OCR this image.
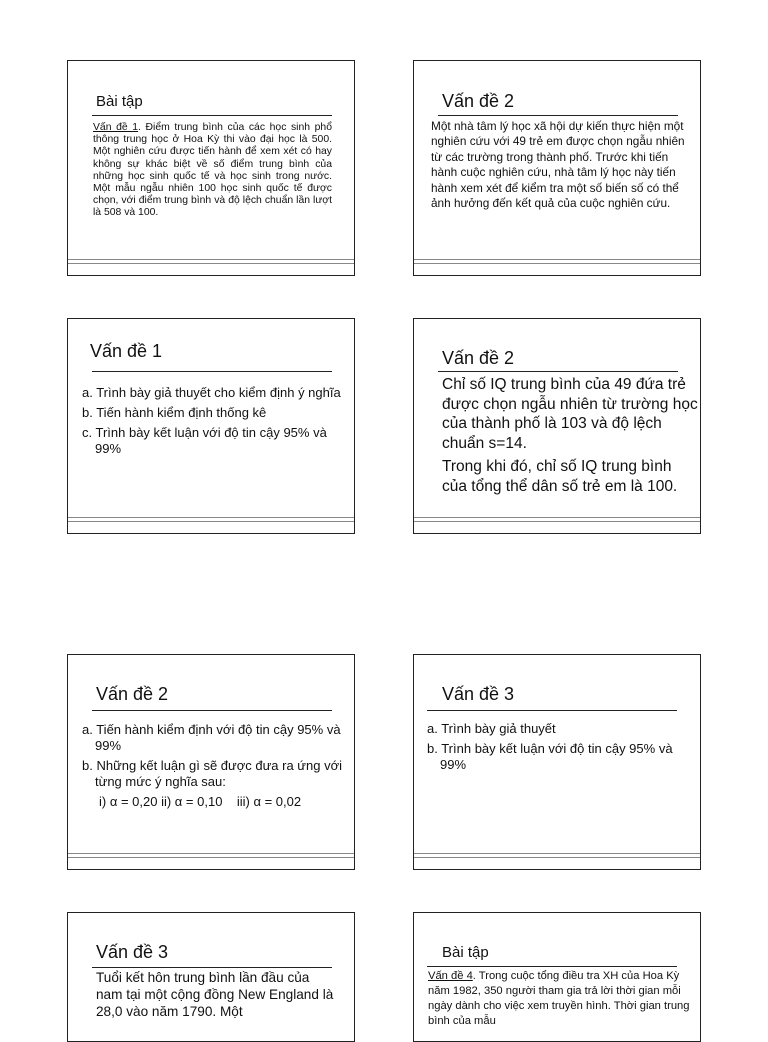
Bài tập
Vấn đề 1. Điểm trung bình của các học sinh phổ thông trung học ở Hoa Kỳ thi vào đại học là 500. Một nghiên cứu được tiến hành để xem xét có hay không sự khác biệt về số điểm trung bình của những học sinh quốc tế và học sinh trong nước. Một mẫu ngẫu nhiên 100 học sinh quốc tế được chọn, với điểm trung bình và độ lệch chuẩn lần lượt là 508 và 100.
Vấn đề 2
Một nhà tâm lý học xã hội dự kiến thực hiện một nghiên cứu với 49 trẻ em được chọn ngẫu nhiên từ các trường trong thành phố. Trước khi tiến hành cuộc nghiên cứu, nhà tâm lý học này tiến hành xem xét để kiểm tra một số biến số có thể ảnh hưởng đến kết quả của cuộc nghiên cứu.
Vấn đề 1

a. Trình bày giả thuyết cho kiểm định ý nghĩa

b. Tiến hành kiểm định thống kê

c. Trình bày kết luận với độ tin cậy 95% và 99%

Vấn đề 2

Chỉ số IQ trung bình của 49 đứa trẻ được chọn ngẫu nhiên từ trường học của thành phố là 103 và độ lệch chuẩn s=14.

Trong khi đó, chỉ số IQ trung bình của tổng thể dân số trẻ em là 100.

Vấn đề 2

a. Tiến hành kiểm định với độ tin cậy 95% và 99%

b. Những kết luận gì sẽ được đưa ra ứng với từng mức ý nghĩa sau:

i) α = 0,20 ii) α = 0,10    iii) α = 0,02

Vấn đề 3

a. Trình bày giả thuyết

b. Trình bày kết luận với độ tin cậy 95% và 99%

Vấn đề 3
Tuổi kết hôn trung bình lần đầu của nam tại một cộng đồng New England là 28,0 vào năm 1790. Một
Bài tập
Vấn đề 4. Trong cuộc tổng điều tra XH của Hoa Kỳ năm 1982, 350 người tham gia trả lời thời gian mỗi ngày dành cho việc xem truyền hình. Thời gian trung bình của mẫu
